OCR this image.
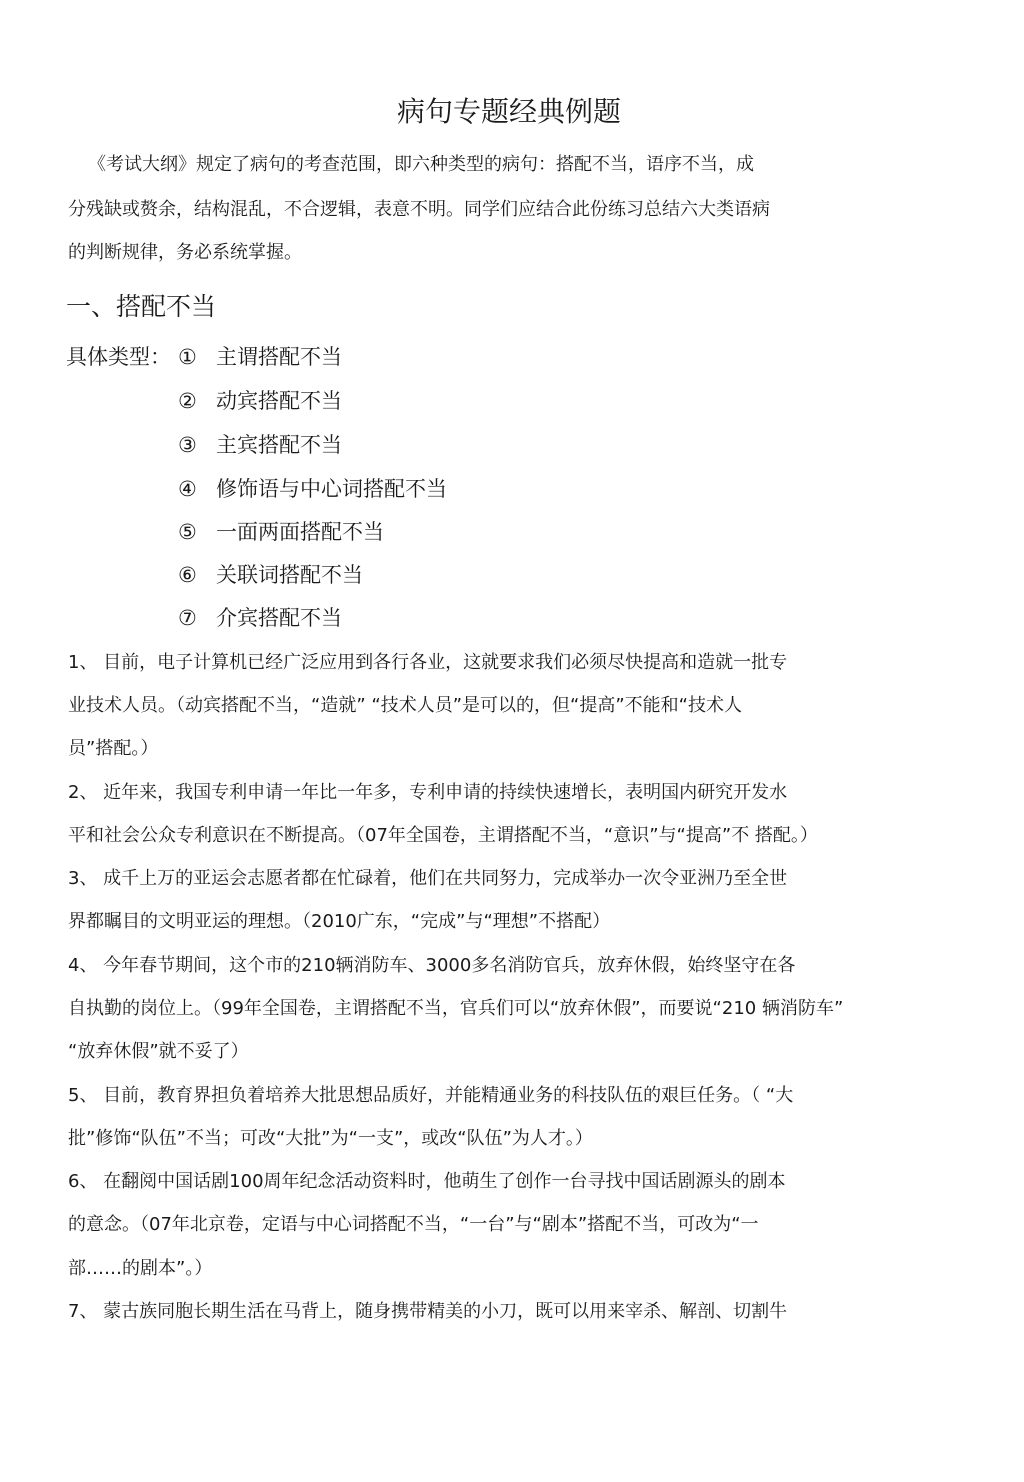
病句专题经典例题
《考试大纲》规定了病句的考查范围，即六种类型的病句：搭配不当，语序不当，成
分残缺或赘余，结构混乱，不合逻辑，表意不明。同学们应结合此份练习总结六大类语病
的判断规律，务必系统掌握。
一、搭配不当
具体类型： ① 主谓搭配不当
② 动宾搭配不当
③ 主宾搭配不当
④ 修饰语与中心词搭配不当
⑤ 一面两面搭配不当
⑥ 关联词搭配不当
⑦ 介宾搭配不当
1、 目前，电子计算机已经广泛应用到各行各业，这就要求我们必须尽快提高和造就一批专
业技术人员。（动宾搭配不当，“造就” “技术人员”是可以的，但“提高”不能和“技术人
员”搭配。）
2、 近年来，我国专利申请一年比一年多，专利申请的持续快速增长，表明国内研究开发水
平和社会公众专利意识在不断提高。（07年全国卷，主谓搭配不当，“意识”与“提高”不 搭配。）
3、 成千上万的亚运会志愿者都在忙碌着，他们在共同努力，完成举办一次令亚洲乃至全世
界都瞩目的文明亚运的理想。（2010广东，“完成”与“理想”不搭配）
4、 今年春节期间，这个市的210辆消防车、3000多名消防官兵，放弃休假，始终坚守在各
自执勤的岗位上。（99年全国卷，主谓搭配不当，官兵们可以“放弃休假”，而要说“210 辆消防车”
“放弃休假”就不妥了）
5、 目前，教育界担负着培养大批思想品质好，并能精通业务的科技队伍的艰巨任务。（ “大
批”修饰“队伍”不当；可改“大批”为“一支”，或改“队伍”为人才。）
6、 在翻阅中国话剧100周年纪念活动资料时，他萌生了创作一台寻找中国话剧源头的剧本
的意念。（07年北京卷，定语与中心词搭配不当，“一台”与“剧本”搭配不当，可改为“一
部……的剧本”。）
7、 蒙古族同胞长期生活在马背上，随身携带精美的小刀，既可以用来宰杀、解剖、切割牛
